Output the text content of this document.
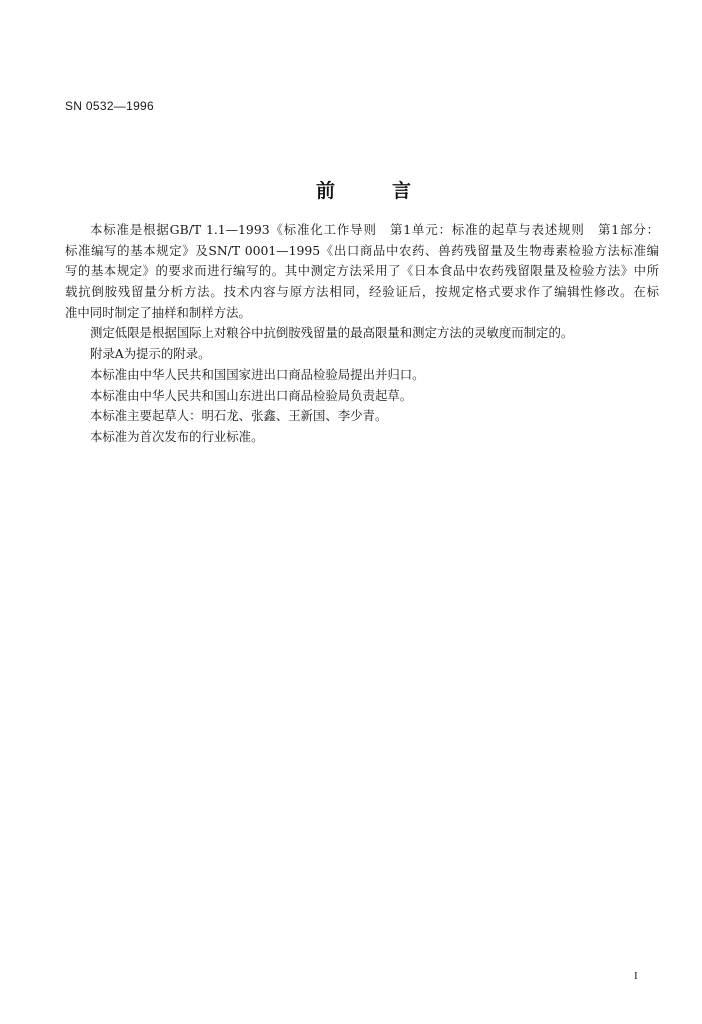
SN 0532—1996
前　言
本标准是根据GB/T 1.1—1993《标准化工作导则　第1单元：标准的起草与表述规则　第1部分：
标准编写的基本规定》及SN/T 0001—1995《出口商品中农药、兽药残留量及生物毒素检验方法标准编
写的基本规定》的要求而进行编写的。其中测定方法采用了《日本食品中农药残留限量及检验方法》中所
载抗倒胺残留量分析方法。技术内容与原方法相同，经验证后，按规定格式要求作了编辑性修改。在标
准中同时制定了抽样和制样方法。
测定低限是根据国际上对粮谷中抗倒胺残留量的最高限量和测定方法的灵敏度而制定的。
附录A为提示的附录。
本标准由中华人民共和国国家进出口商品检验局提出并归口。
本标准由中华人民共和国山东进出口商品检验局负责起草。
本标准主要起草人：明石龙、张鑫、王新国、李少青。
本标准为首次发布的行业标准。
I
